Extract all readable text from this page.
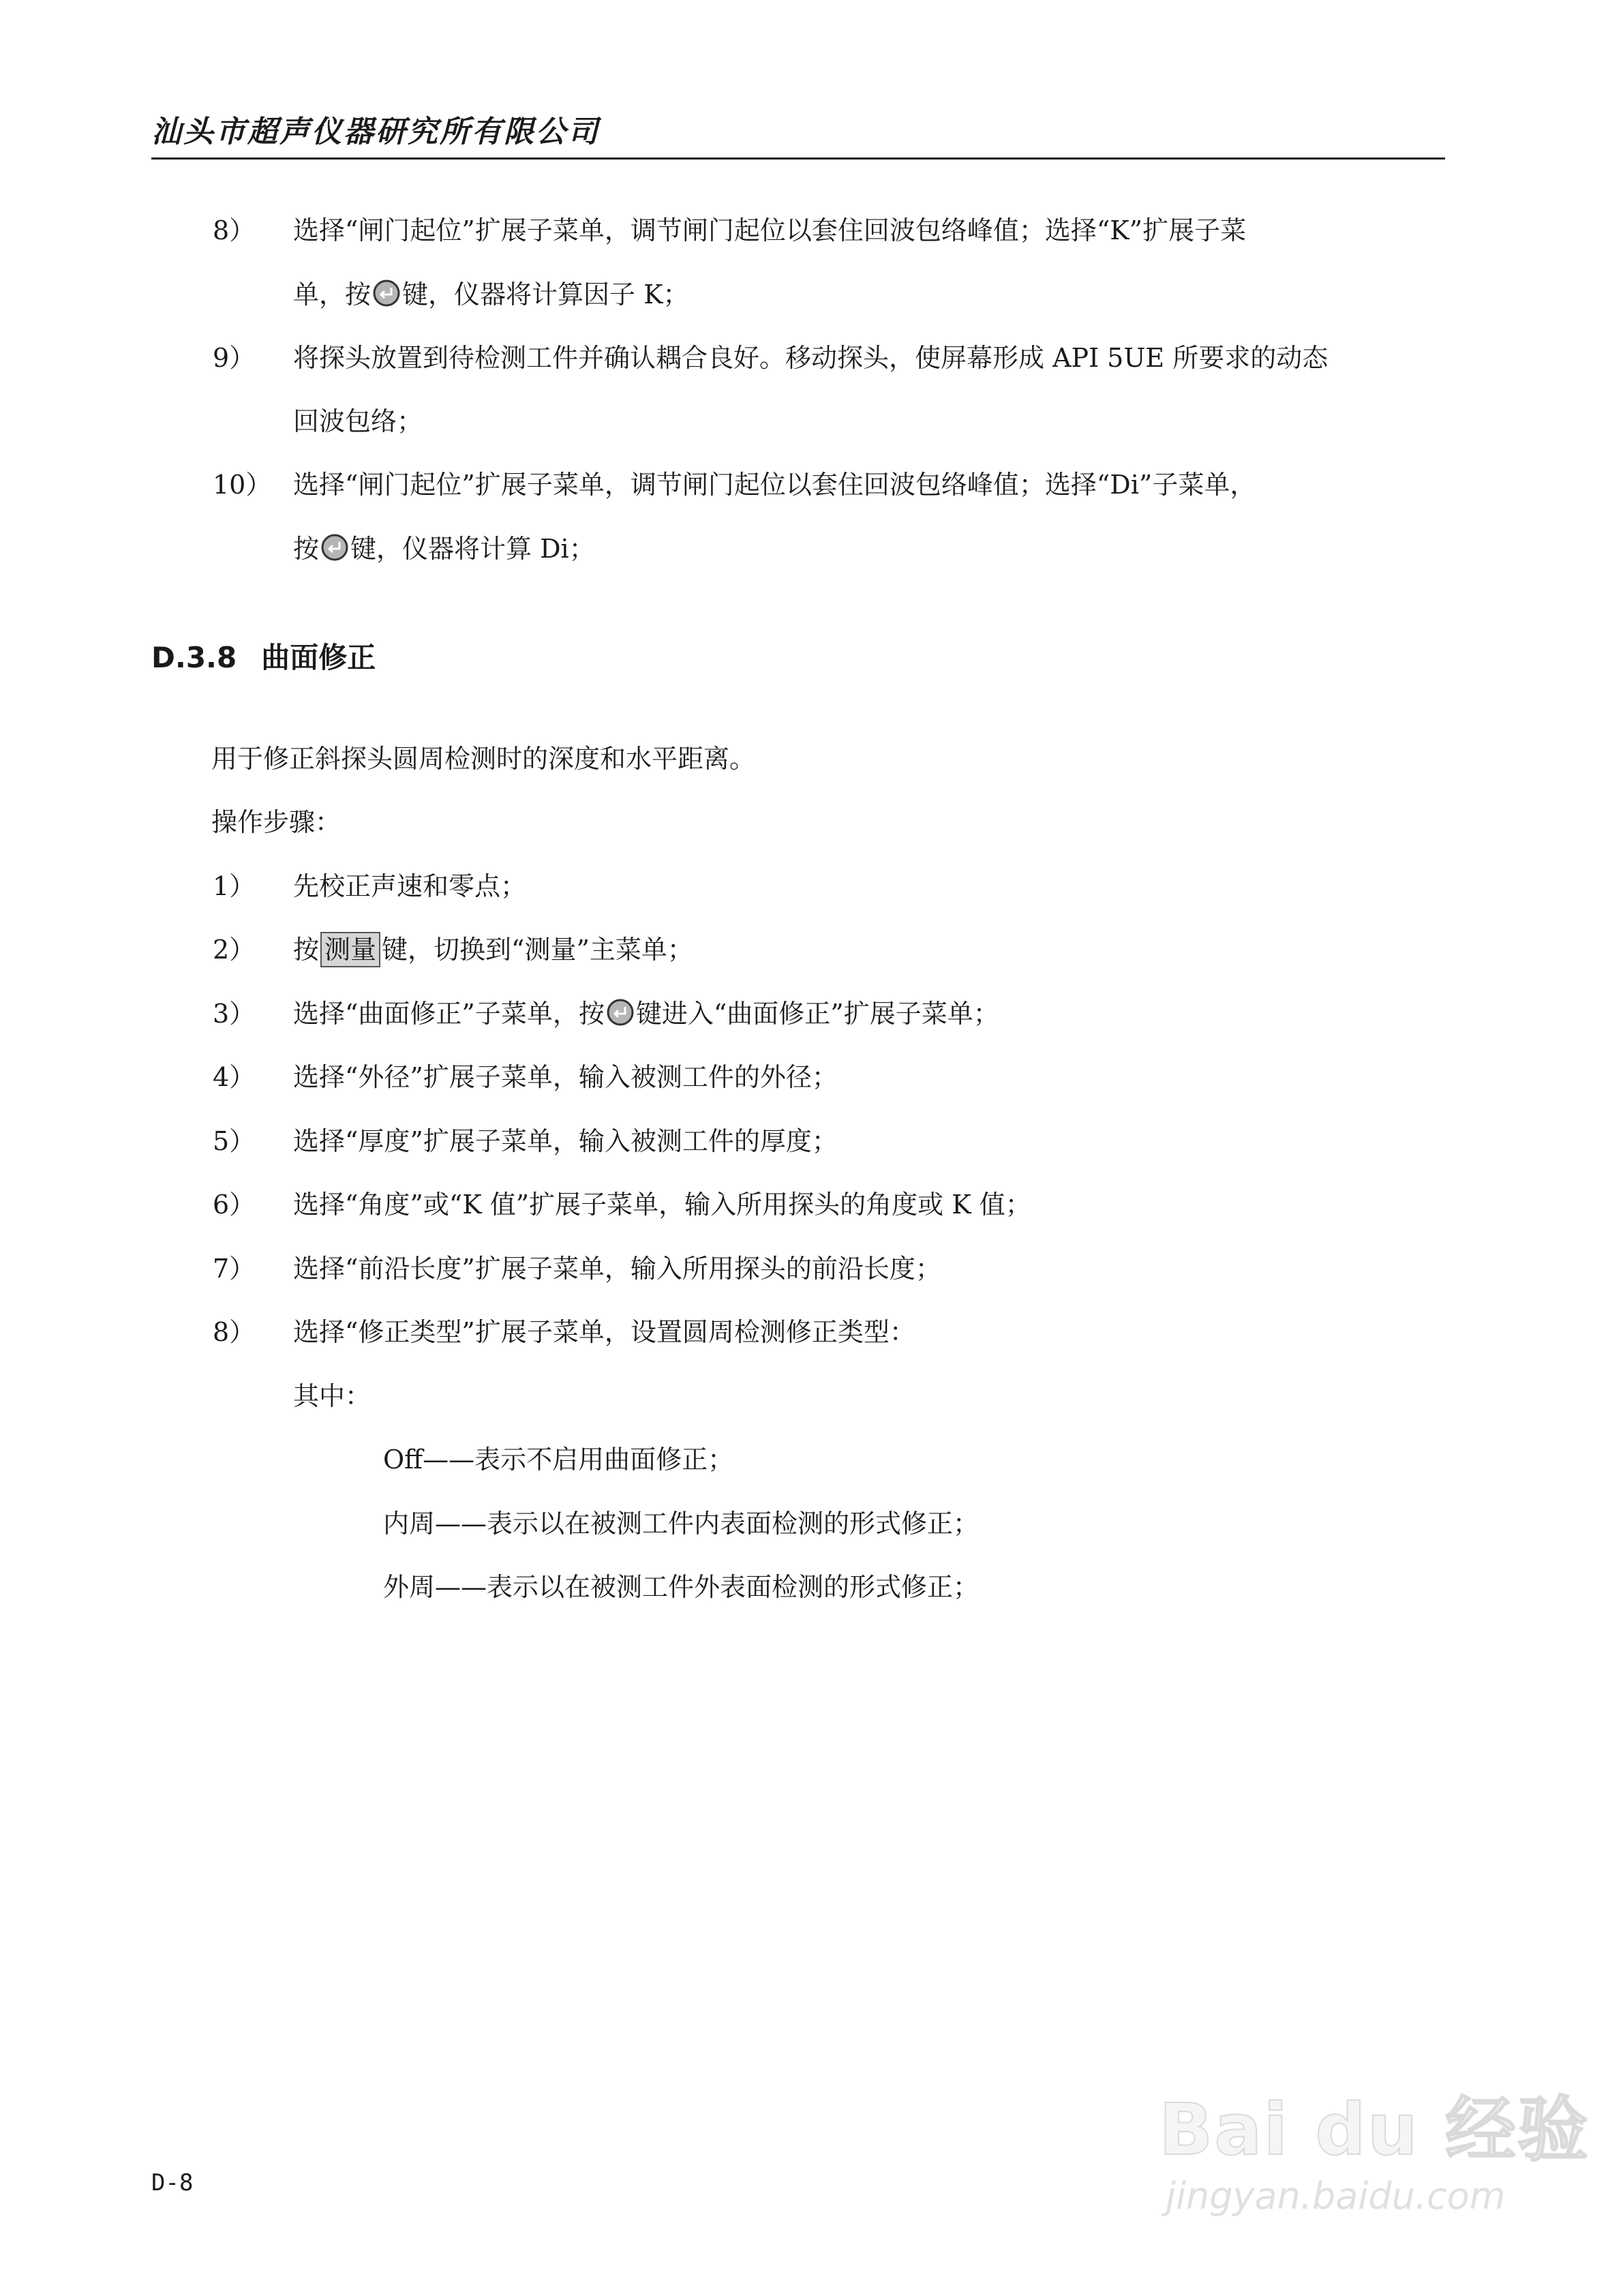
汕头市超声仪器研究所有限公司
8） 选择“闸门起位”扩展子菜单，调节闸门起位以套住回波包络峰值；选择“K”扩展子菜
单，按 键，仪器将计算因子 K；
9） 将探头放置到待检测工件并确认耦合良好。移动探头，使屏幕形成 API 5UE 所要求的动态
回波包络；
10） 选择“闸门起位”扩展子菜单，调节闸门起位以套住回波包络峰值；选择“Di”子菜单，
按 键，仪器将计算 Di；
D.3.8 曲面修正
用于修正斜探头圆周检测时的深度和水平距离。
操作步骤：
1） 先校正声速和零点；
2） 按 测量 键，切换到“测量”主菜单；
3） 选择“曲面修正”子菜单，按 键进入“曲面修正”扩展子菜单；
4） 选择“外径”扩展子菜单，输入被测工件的外径；
5） 选择“厚度”扩展子菜单，输入被测工件的厚度；
6） 选择“角度”或“K 值”扩展子菜单，输入所用探头的角度或 K 值；
7） 选择“前沿长度”扩展子菜单，输入所用探头的前沿长度；
8） 选择“修正类型”扩展子菜单，设置圆周检测修正类型：
其中：
Off——表示不启用曲面修正；
内周——表示以在被测工件内表面检测的形式修正；
外周——表示以在被测工件外表面检测的形式修正；
D-8
Bai du 经验
jingyan.baidu.com
